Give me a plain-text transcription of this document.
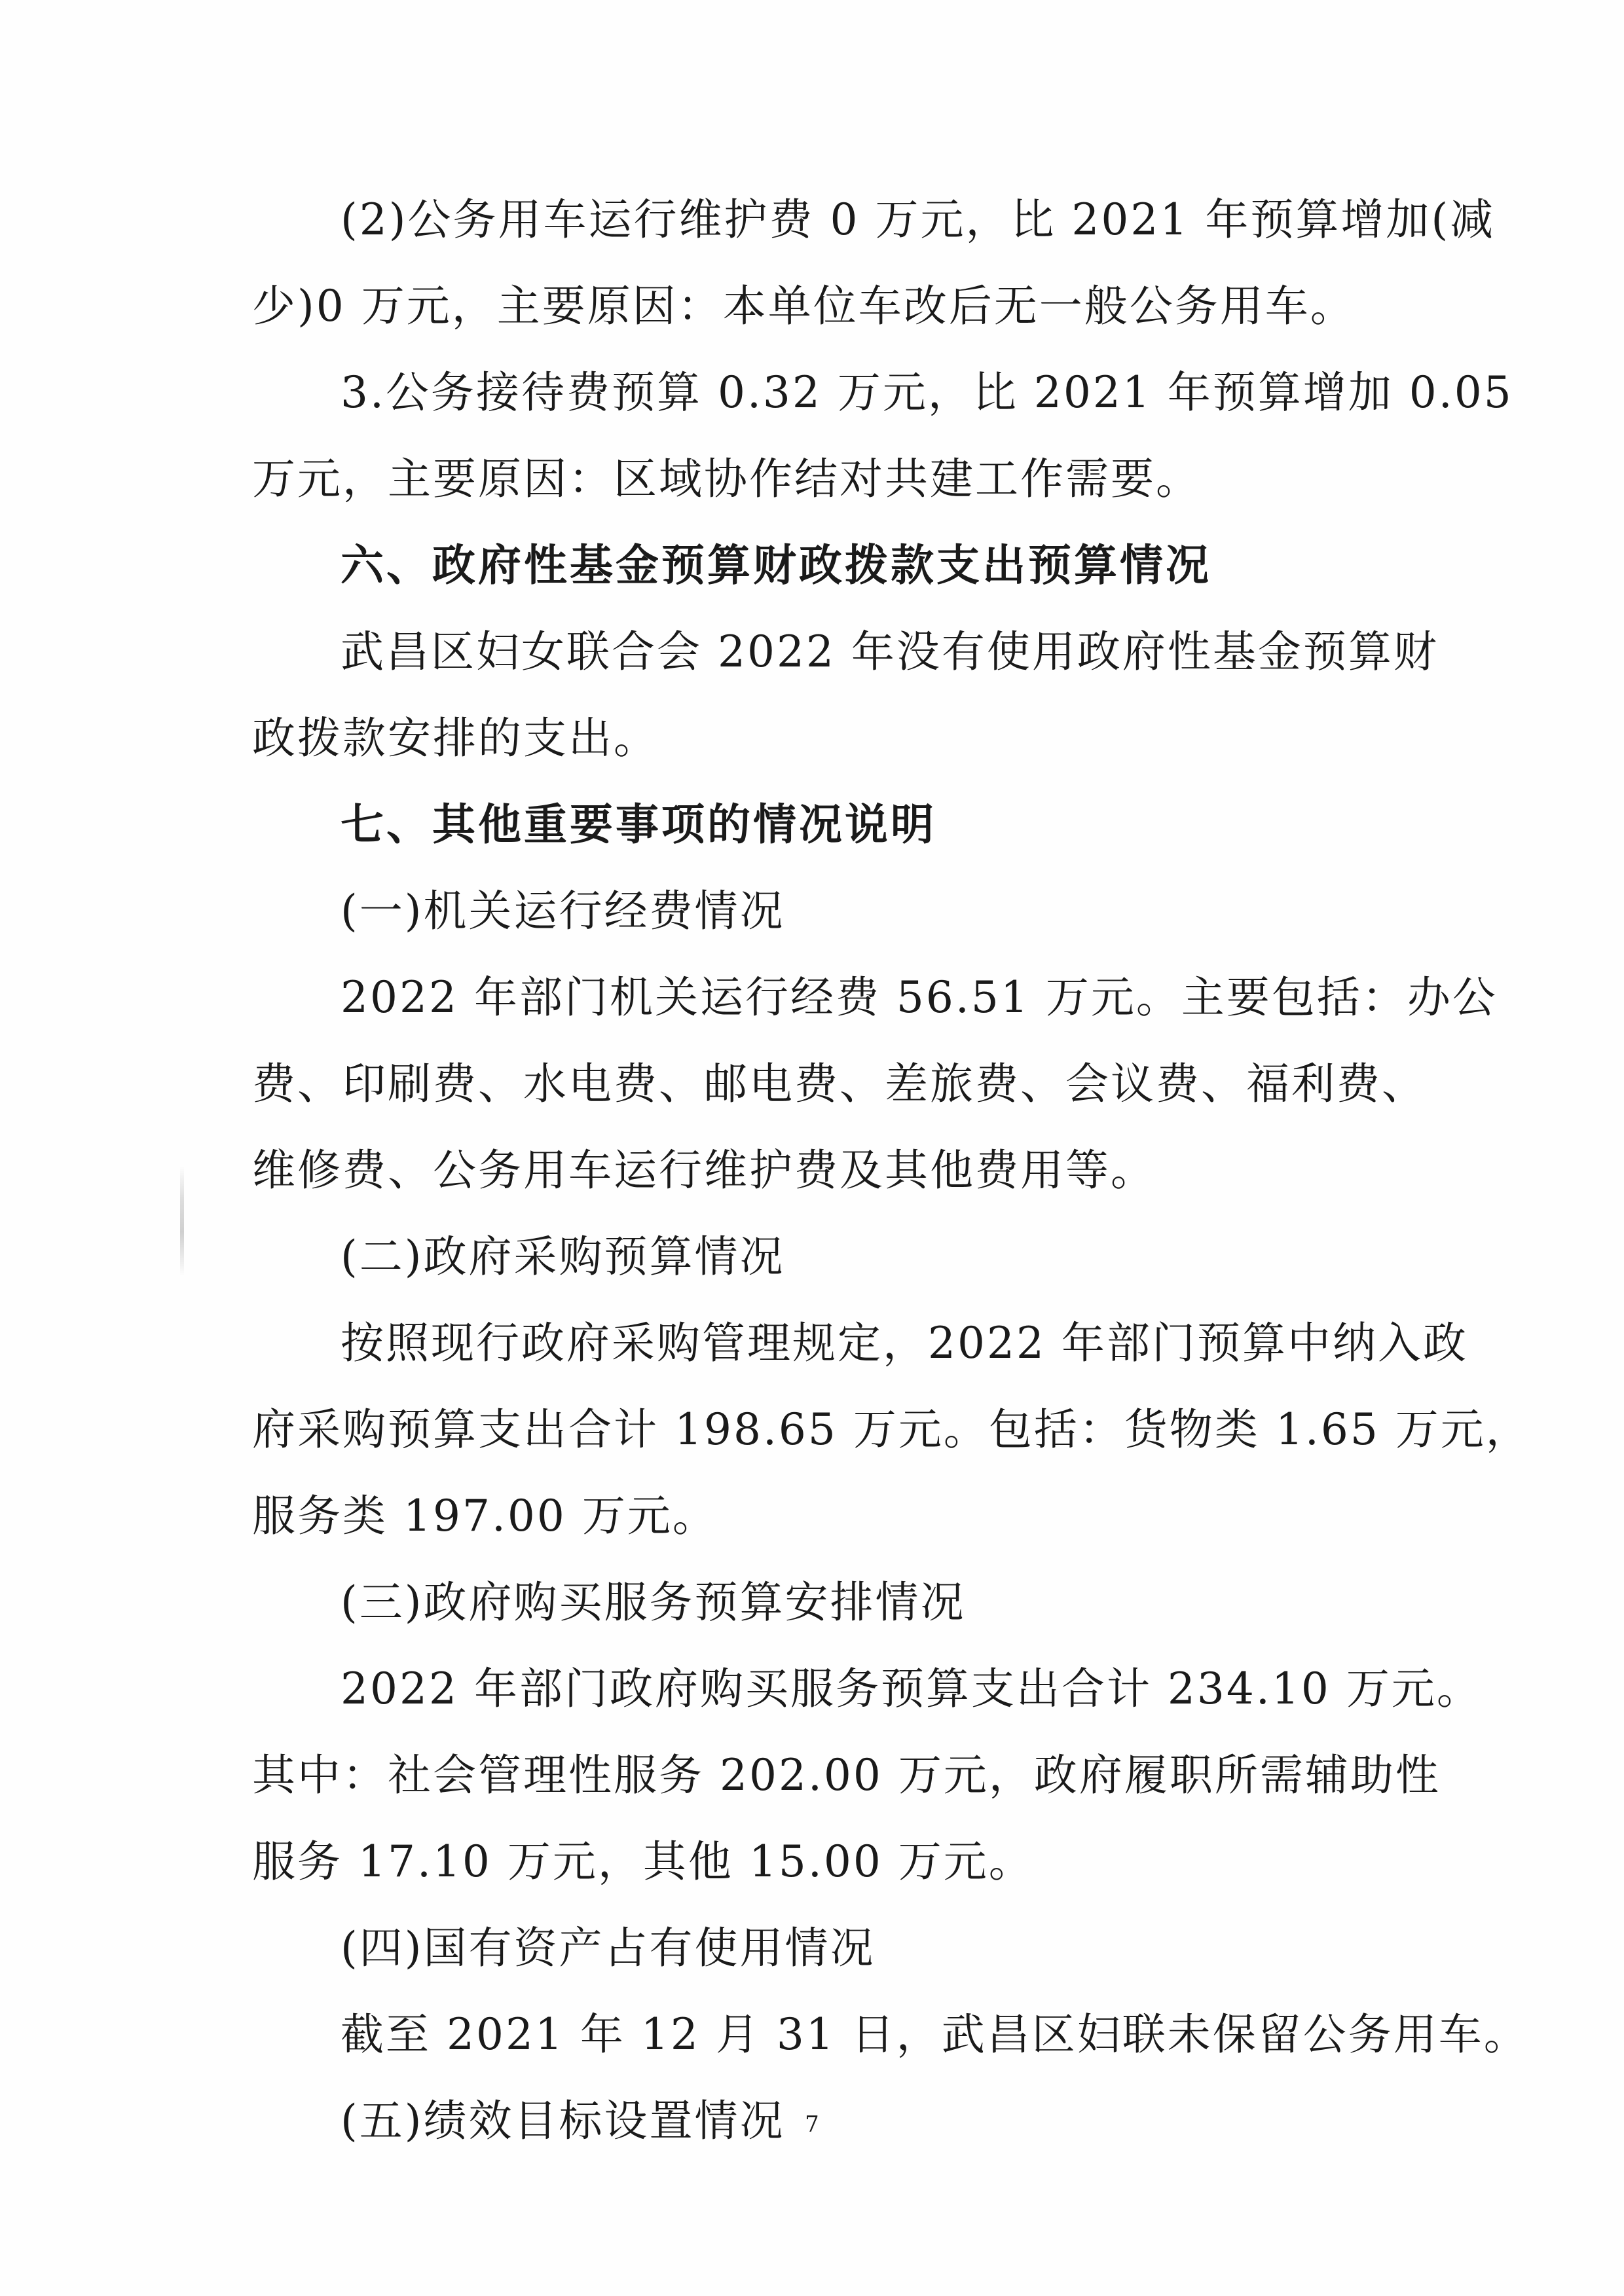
(2)公务用车运行维护费 0 万元，比 2021 年预算增加(减
少)0 万元，主要原因：本单位车改后无一般公务用车。
3.公务接待费预算 0.32 万元，比 2021 年预算增加 0.05
万元，主要原因：区域协作结对共建工作需要。
六、政府性基金预算财政拨款支出预算情况
武昌区妇女联合会 2022 年没有使用政府性基金预算财
政拨款安排的支出。
七、其他重要事项的情况说明
(一)机关运行经费情况
2022 年部门机关运行经费 56.51 万元。主要包括：办公
费、印刷费、水电费、邮电费、差旅费、会议费、福利费、
维修费、公务用车运行维护费及其他费用等。
(二)政府采购预算情况
按照现行政府采购管理规定，2022 年部门预算中纳入政
府采购预算支出合计 198.65 万元。包括：货物类 1.65 万元，
服务类 197.00 万元。
(三)政府购买服务预算安排情况
2022 年部门政府购买服务预算支出合计 234.10 万元。
其中：社会管理性服务 202.00 万元，政府履职所需辅助性
服务 17.10 万元，其他 15.00 万元。
(四)国有资产占有使用情况
截至 2021 年 12 月 31 日，武昌区妇联未保留公务用车。
(五)绩效目标设置情况 7
